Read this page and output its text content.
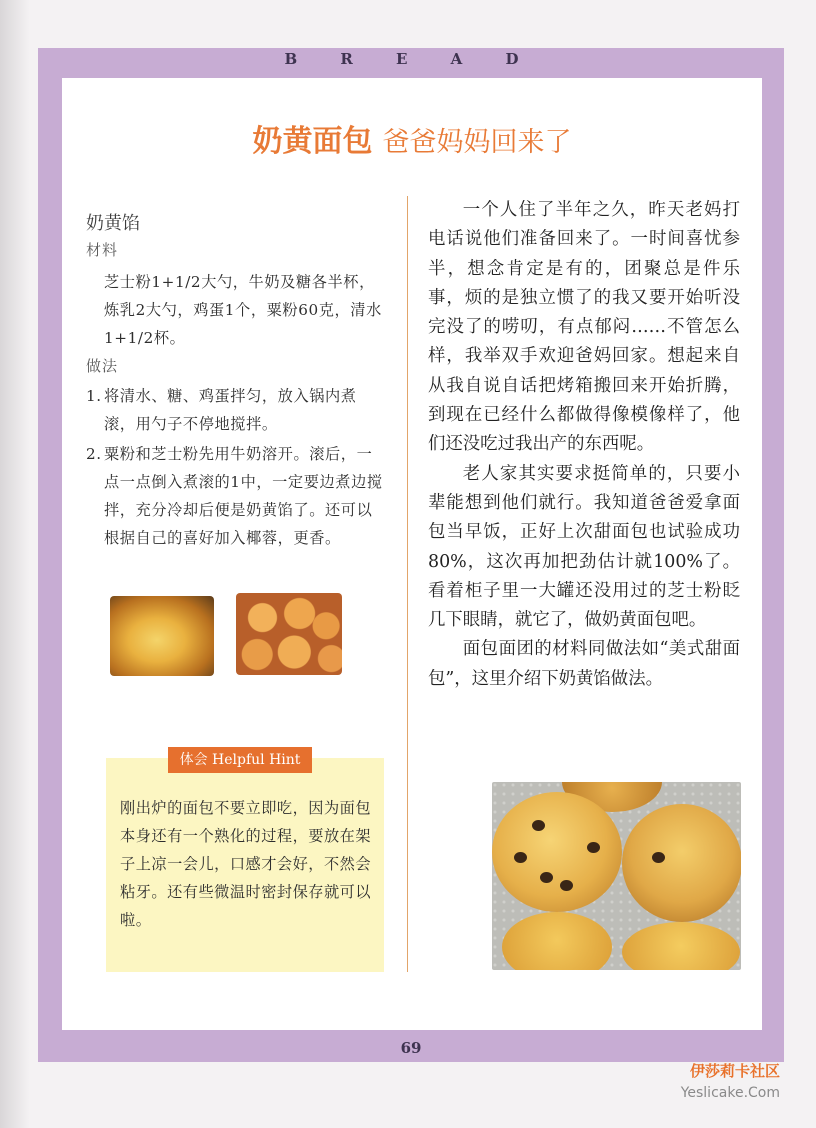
B R E A D
奶黄面包 爸爸妈妈回来了
奶黄馅
材料
芝士粉1+1/2大勺，牛奶及糖各半杯，炼乳2大勺，鸡蛋1个，粟粉60克，清水1+1/2杯。
做法
1. 将清水、糖、鸡蛋拌匀，放入锅内煮滚，用勺子不停地搅拌。
2. 粟粉和芝士粉先用牛奶溶开。滚后，一点一点倒入煮滚的1中，一定要边煮边搅拌，充分冷却后便是奶黄馅了。还可以根据自己的喜好加入椰蓉，更香。
体会 Helpful Hint
刚出炉的面包不要立即吃，因为面包本身还有一个熟化的过程，要放在架子上凉一会儿，口感才会好，不然会粘牙。还有些微温时密封保存就可以啦。

一个人住了半年之久，昨天老妈打电话说他们准备回来了。一时间喜忧参半，想念肯定是有的，团聚总是件乐事，烦的是独立惯了的我又要开始听没完没了的唠叨，有点郁闷……不管怎么样，我举双手欢迎爸妈回家。想起来自从我自说自话把烤箱搬回来开始折腾，到现在已经什么都做得像模像样了，他们还没吃过我出产的东西呢。

老人家其实要求挺简单的，只要小辈能想到他们就行。我知道爸爸爱拿面包当早饭，正好上次甜面包也试验成功80%，这次再加把劲估计就100%了。看着柜子里一大罐还没用过的芝士粉眨几下眼睛，就它了，做奶黄面包吧。

面包面团的材料同做法如“美式甜面包”，这里介绍下奶黄馅做法。

69
伊莎莉卡社区
Yeslicake.Com
